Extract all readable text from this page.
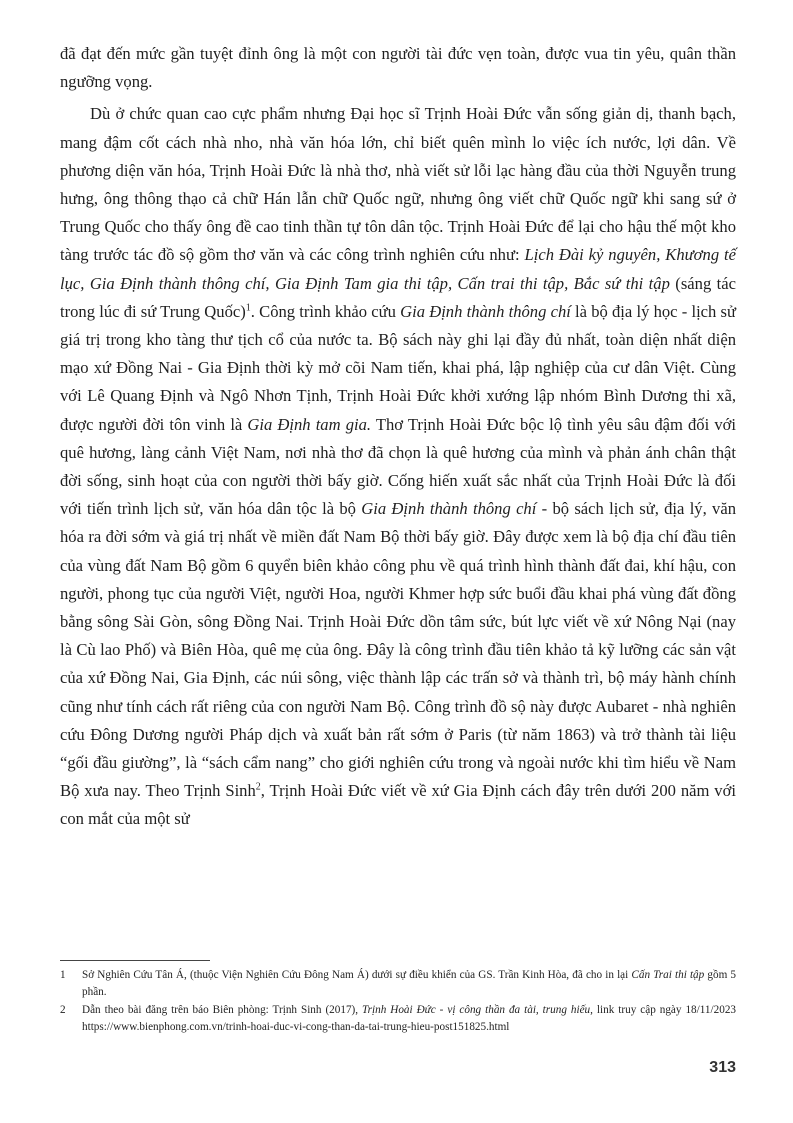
đã đạt đến mức gần tuyệt đỉnh ông là một con người tài đức vẹn toàn, được vua tin yêu, quân thần ngưỡng vọng.

Dù ở chức quan cao cực phẩm nhưng Đại học sĩ Trịnh Hoài Đức vẫn sống giản dị, thanh bạch, mang đậm cốt cách nhà nho, nhà văn hóa lớn, chỉ biết quên mình lo việc ích nước, lợi dân. Về phương diện văn hóa, Trịnh Hoài Đức là nhà thơ, nhà viết sử lỗi lạc hàng đầu của thời Nguyễn trung hưng, ông thông thạo cả chữ Hán lẫn chữ Quốc ngữ, nhưng ông viết chữ Quốc ngữ khi sang sứ ở Trung Quốc cho thấy ông đề cao tinh thần tự tôn dân tộc. Trịnh Hoài Đức để lại cho hậu thế một kho tàng trước tác đồ sộ gồm thơ văn và các công trình nghiên cứu như: Lịch Đài kỷ nguyên, Khương tế lục, Gia Định thành thông chí, Gia Định Tam gia thi tập, Cấn trai thi tập, Bắc sứ thi tập (sáng tác trong lúc đi sứ Trung Quốc)$^1$. Công trình khảo cứu Gia Định thành thông chí là bộ địa lý học - lịch sử giá trị trong kho tàng thư tịch cổ của nước ta. Bộ sách này ghi lại đầy đủ nhất, toàn diện nhất diện mạo xứ Đồng Nai - Gia Định thời kỳ mở cõi Nam tiến, khai phá, lập nghiệp của cư dân Việt. Cùng với Lê Quang Định và Ngô Nhơn Tịnh, Trịnh Hoài Đức khởi xướng lập nhóm Bình Dương thi xã, được người đời tôn vinh là Gia Định tam gia. Thơ Trịnh Hoài Đức bộc lộ tình yêu sâu đậm đối với quê hương, làng cảnh Việt Nam, nơi nhà thơ đã chọn là quê hương của mình và phản ánh chân thật đời sống, sinh hoạt của con người thời bấy giờ. Cống hiến xuất sắc nhất của Trịnh Hoài Đức là đối với tiến trình lịch sử, văn hóa dân tộc là bộ Gia Định thành thông chí - bộ sách lịch sử, địa lý, văn hóa ra đời sớm và giá trị nhất về miền đất Nam Bộ thời bấy giờ. Đây được xem là bộ địa chí đầu tiên của vùng đất Nam Bộ gồm 6 quyển biên khảo công phu về quá trình hình thành đất đai, khí hậu, con người, phong tục của người Việt, người Hoa, người Khmer hợp sức buổi đầu khai phá vùng đất đồng bằng sông Sài Gòn, sông Đồng Nai. Trịnh Hoài Đức dồn tâm sức, bút lực viết về xứ Nông Nại (nay là Cù lao Phố) và Biên Hòa, quê mẹ của ông. Đây là công trình đầu tiên khảo tả kỹ lưỡng các sản vật của xứ Đồng Nai, Gia Định, các núi sông, việc thành lập các trấn sở và thành trì, bộ máy hành chính cũng như tính cách rất riêng của con người Nam Bộ. Công trình đồ sộ này được Aubaret - nhà nghiên cứu Đông Dương người Pháp dịch và xuất bản rất sớm ở Paris (từ năm 1863) và trở thành tài liệu “gối đầu giường”, là “sách cẩm nang” cho giới nghiên cứu trong và ngoài nước khi tìm hiểu về Nam Bộ xưa nay. Theo Trịnh Sinh$^2$, Trịnh Hoài Đức viết về xứ Gia Định cách đây trên dưới 200 năm với con mắt của một sử

1 Sở Nghiên Cứu Tân Á, (thuộc Viện Nghiên Cứu Đông Nam Á) dưới sự điều khiển của GS. Trần Kinh Hòa, đã cho in lại Cấn Trai thi tập gồm 5 phần.

2 Dẫn theo bài đăng trên báo Biên phòng: Trịnh Sinh (2017), Trịnh Hoài Đức - vị công thần đa tài, trung hiếu, link truy cập ngày 18/11/2023 https://www.bienphong.com.vn/trinh-hoai-duc-vi-cong-than-da-tai-trung-hieu-post151825.html

313
